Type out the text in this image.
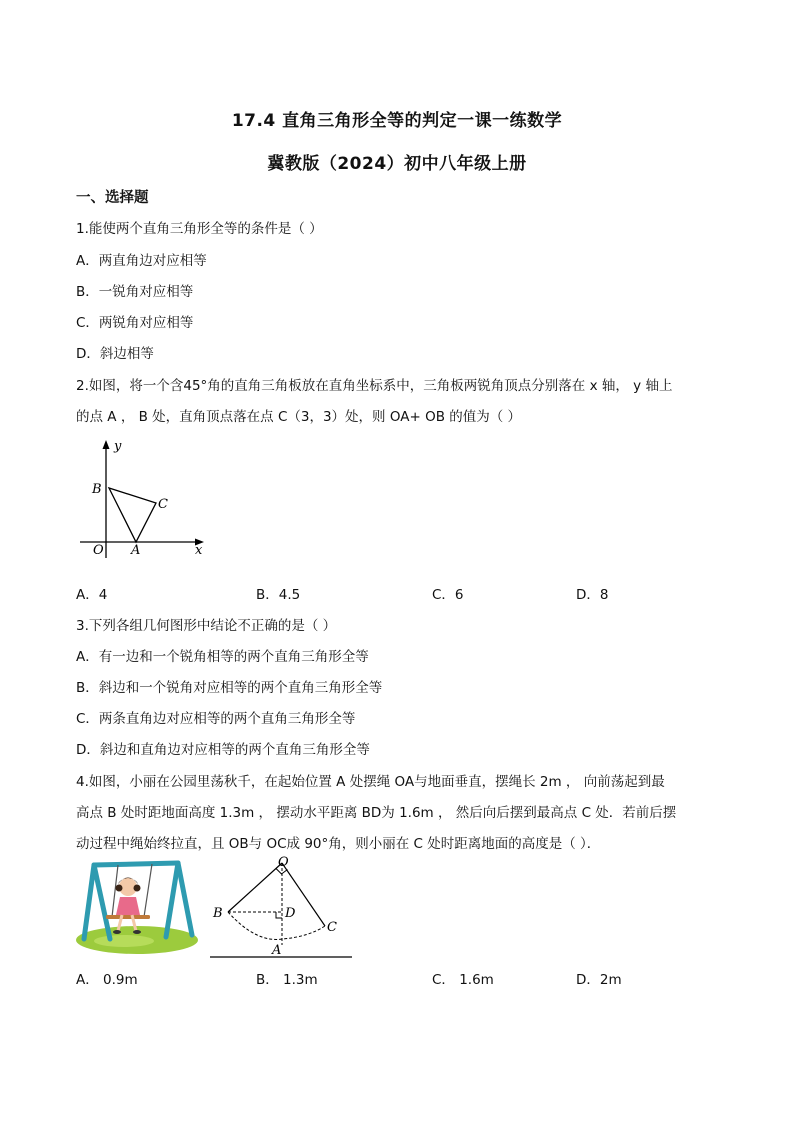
17.4 直角三角形全等的判定一课一练数学
冀教版（2024）初中八年级上册
一、选择题
1.能使两个直角三角形全等的条件是（ ）
A．两直角边对应相等
B．一锐角对应相等
C．两锐角对应相等
D．斜边相等
2.如图，将一个含45°角的直角三角板放在直角坐标系中，三角板两锐角顶点分别落在 x 轴， y 轴上
的点 A ， B 处，直角顶点落在点 C（3，3）处，则 OA+ OB 的值为（ ）
y
x
O A
B
C
A．4	B．4.5	C．6	D．8
3.下列各组几何图形中结论不正确的是（ ）
A．有一边和一个锐角相等的两个直角三角形全等
B．斜边和一个锐角对应相等的两个直角三角形全等
C．两条直角边对应相等的两个直角三角形全等
D．斜边和直角边对应相等的两个直角三角形全等
4.如图，小丽在公园里荡秋千，在起始位置 A 处摆绳 OA与地面垂直，摆绳长 2m ， 向前荡起到最
高点 B 处时距地面高度 1.3m ， 摆动水平距离 BD为 1.6m ， 然后向后摆到最高点 C 处．若前后摆
动过程中绳始终拉直，且 OB与 OC成 90°角，则小丽在 C 处时距离地面的高度是（ ）．
O
B	D
C
A
A． 0.9m	B． 1.3m	C． 1.6m	D．2m
